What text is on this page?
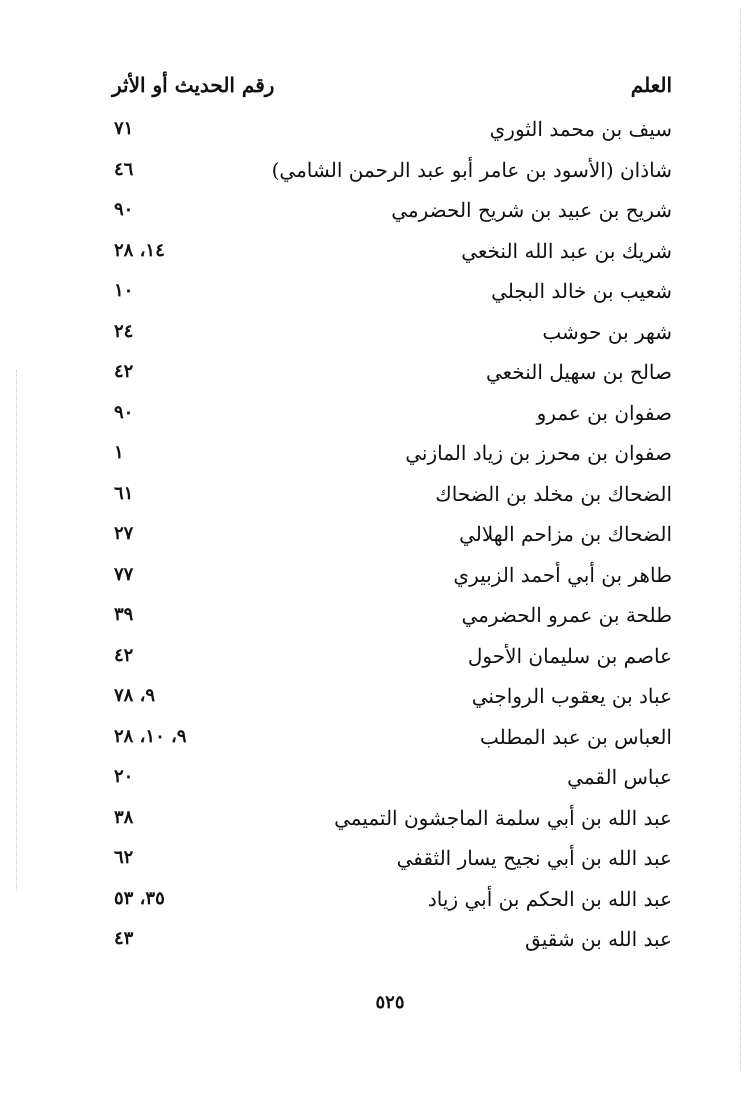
العلم
رقم الحديث أو الأثر
سيف بن محمد الثوري
٧١
شاذان (الأسود بن عامر أبو عبد الرحمن الشامي)
٤٦
شريح بن عبيد بن شريح الحضرمي
٩٠
شريك بن عبد الله النخعي
١٤، ٢٨
شعيب بن خالد البجلي
١٠
شهر بن حوشب
٢٤
صالح بن سهيل النخعي
٤٢
صفوان بن عمرو
٩٠
صفوان بن محرز بن زياد المازني
١
الضحاك بن مخلد بن الضحاك
٦١
الضحاك بن مزاحم الهلالي
٢٧
طاهر بن أبي أحمد الزبيري
٧٧
طلحة بن عمرو الحضرمي
٣٩
عاصم بن سليمان الأحول
٤٢
عباد بن يعقوب الرواجني
٩، ٧٨
العباس بن عبد المطلب
٩، ١٠، ٢٨
عباس القمي
٢٠
عبد الله بن أبي سلمة الماجشون التميمي
٣٨
عبد الله بن أبي نجيح يسار الثقفي
٦٢
عبد الله بن الحكم بن أبي زياد
٣٥، ٥٣
عبد الله بن شقيق
٤٣
٥٢٥
